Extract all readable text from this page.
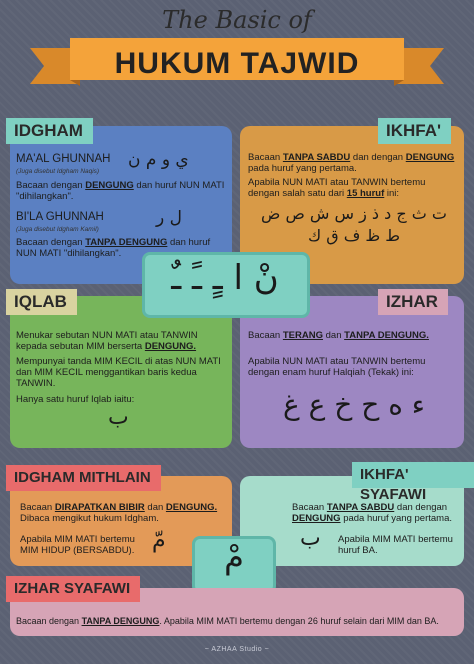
The Basic of
HUKUM TAJWID
IDGHAM
MA'AL GHUNNAH ي و م ن
(Juga disebut Idgham Naqis)
Bacaan dengan DENGUNG dan huruf NUN MATI "dihilangkan".
BI'LA GHUNNAH	ل ر
(Juga disebut Idgham Kamil)
Bacaan dengan TANPA DENGUNG dan huruf NUN MATI "dihilangkan".
IKHFA'
Bacaan TANPA SABDU dan dengan DENGUNG pada huruf yang pertama.
Apabila NUN MATI atau TANWIN bertemu dengan salah satu dari 15 huruf ini:
ت ث ج د ذ ز س ش ص ض
ط ظ ف ق ك
IQLAB
Menukar sebutan NUN MATI atau TANWIN kepada sebutan MIM berserta DENGUNG.
Mempunyai tanda MIM KECIL di atas NUN MATI dan MIM KECIL menggantikan baris kedua TANWIN.
Hanya satu huruf Iqlab iaitu:
ب
IZHAR
Bacaan TERANG dan TANPA DENGUNG.
Apabila NUN MATI atau TANWIN bertemu dengan enam huruf Halqiah (Tekak) ini:
ء ه ح خ ع غ
نْ ا ـٍ ـً ـٌ
IDGHAM MITHLAIN
Bacaan DIRAPATKAN BIBIR dan DENGUNG.
Dibaca mengikut hukum Idgham.
Apabila MIM MATI bertemu MIM HIDUP (BERSABDU). مّ
IKHFA' SYAFAWI
Bacaan TANPA SABDU dan dengan DENGUNG pada huruf yang pertama.
Apabila MIM MATI bertemu huruf BA.
ب
مْ
IZHAR SYAFAWI
Bacaan dengan TANPA DENGUNG. Apabila MIM MATI bertemu dengan 26 huruf selain dari MIM dan BA.
~ AZHAA Studio ~
